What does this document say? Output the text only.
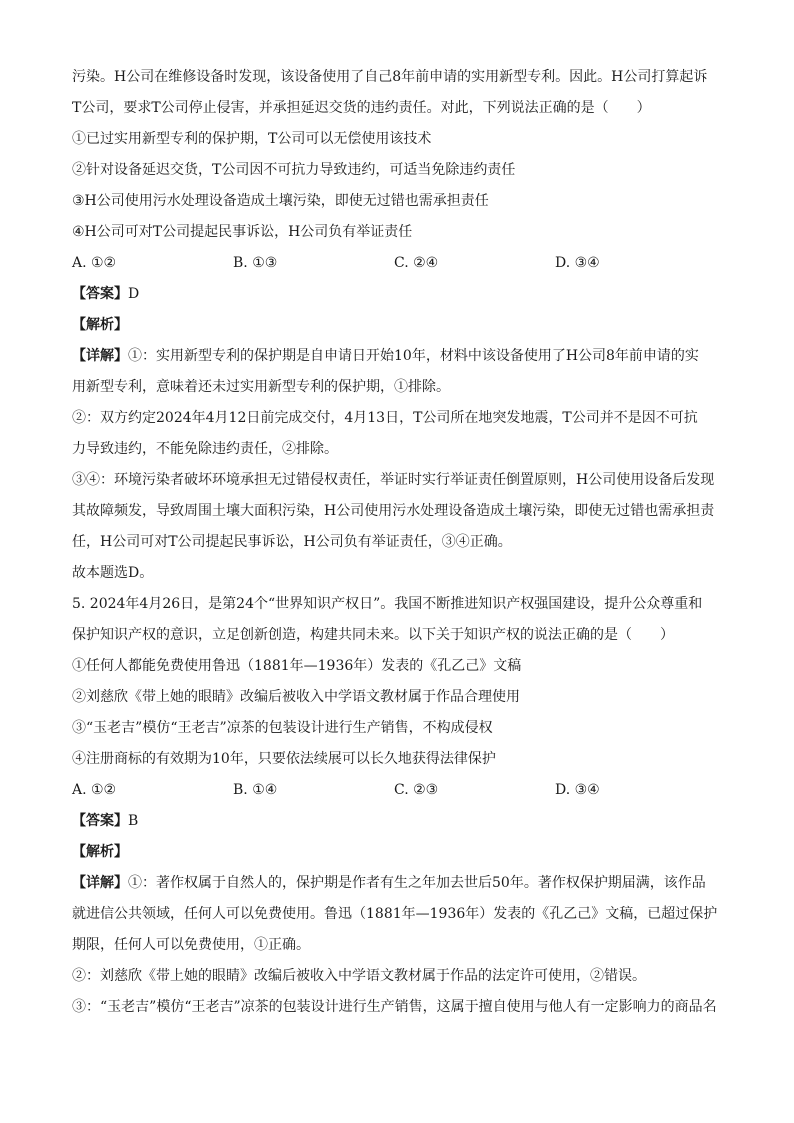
污染。H公司在维修设备时发现，该设备使用了自己8年前申请的实用新型专利。因此。H公司打算起诉
T公司，要求T公司停止侵害，并承担延迟交货的违约责任。对此，下列说法正确的是（　　）
①已过实用新型专利的保护期，T公司可以无偿使用该技术
②针对设备延迟交货，T公司因不可抗力导致违约，可适当免除违约责任
③H公司使用污水处理设备造成土壤污染，即使无过错也需承担责任
④H公司可对T公司提起民事诉讼，H公司负有举证责任
A. ①②	B. ①③	C. ②④	D. ③④
【答案】D
【解析】
【详解】①：实用新型专利的保护期是自申请日开始10年，材料中该设备使用了H公司8年前申请的实
用新型专利，意味着还未过实用新型专利的保护期，①排除。
②：双方约定2024年4月12日前完成交付，4月13日，T公司所在地突发地震，T公司并不是因不可抗
力导致违约，不能免除违约责任，②排除。
③④：环境污染者破坏环境承担无过错侵权责任，举证时实行举证责任倒置原则，H公司使用设备后发现
其故障频发，导致周围土壤大面积污染，H公司使用污水处理设备造成土壤污染，即使无过错也需承担责
任，H公司可对T公司提起民事诉讼，H公司负有举证责任，③④正确。
故本题选D。
5. 2024年4月26日，是第24个“世界知识产权日”。我国不断推进知识产权强国建设，提升公众尊重和
保护知识产权的意识，立足创新创造，构建共同未来。以下关于知识产权的说法正确的是（　　）
①任何人都能免费使用鲁迅（1881年—1936年）发表的《孔乙己》文稿
②刘慈欣《带上她的眼睛》改编后被收入中学语文教材属于作品合理使用
③“玉老吉”模仿“王老吉”凉茶的包装设计进行生产销售，不构成侵权
④注册商标的有效期为10年，只要依法续展可以长久地获得法律保护
A. ①②	B. ①④	C. ②③	D. ③④
【答案】B
【解析】
【详解】①：著作权属于自然人的，保护期是作者有生之年加去世后50年。著作权保护期届满，该作品
就进信公共领域，任何人可以免费使用。鲁迅（1881年—1936年）发表的《孔乙己》文稿，已超过保护
期限，任何人可以免费使用，①正确。
②：刘慈欣《带上她的眼睛》改编后被收入中学语文教材属于作品的法定许可使用，②错误。
③：“玉老吉”模仿“王老吉”凉茶的包装设计进行生产销售，这属于擅自使用与他人有一定影响力的商品名
